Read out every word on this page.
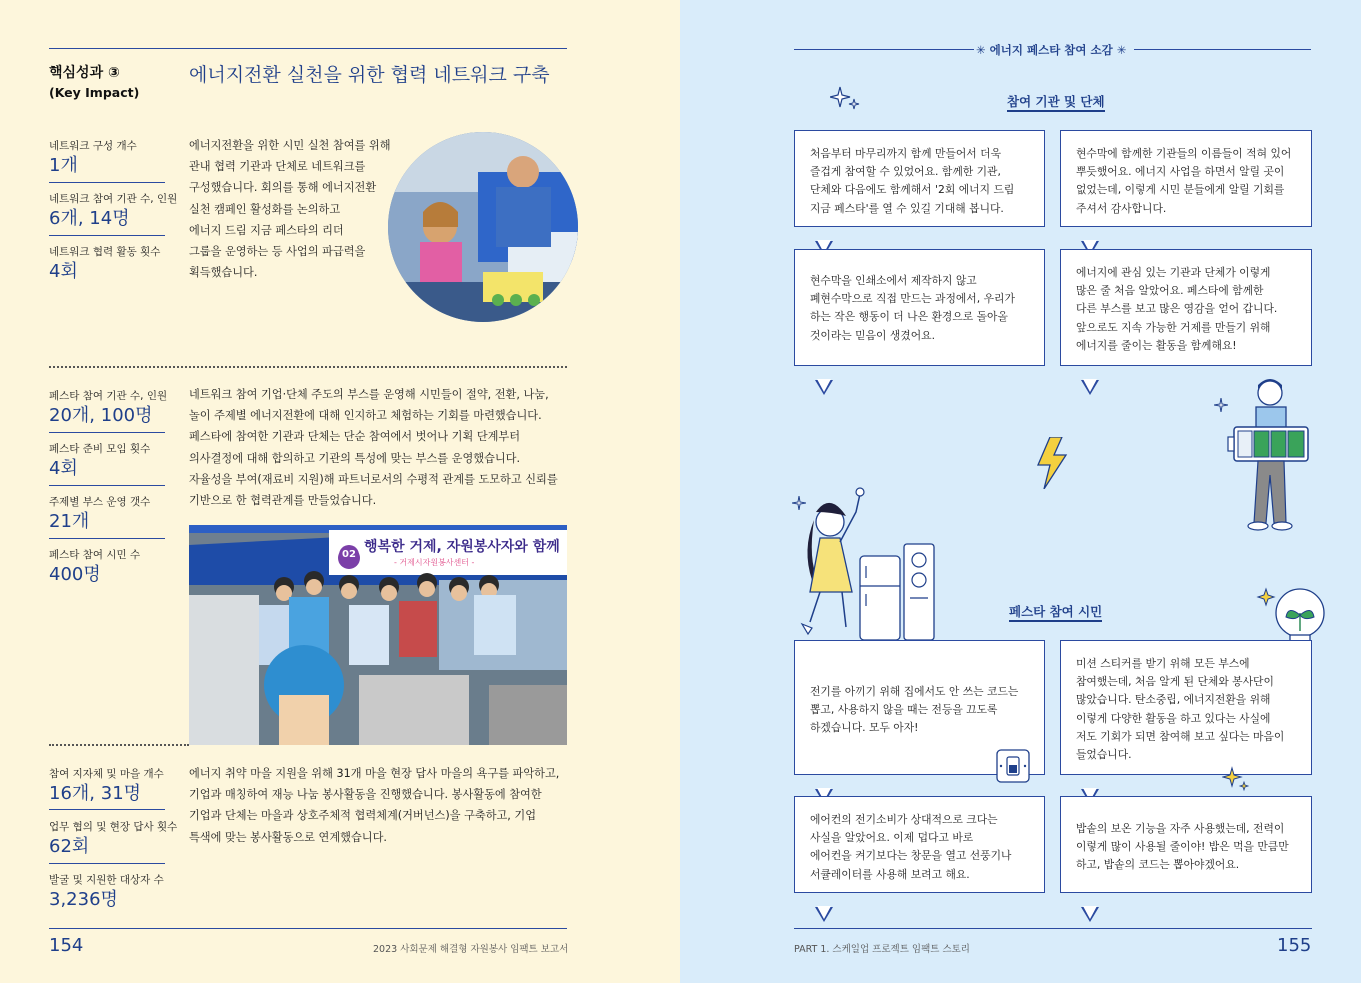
핵심성과 ③
(Key Impact)
에너지전환 실천을 위한 협력 네트워크 구축
네트워크 구성 개수
1개
네트워크 참여 기관 수, 인원
6개, 14명
네트워크 협력 활동 횟수
4회
에너지전환을 위한 시민 실천 참여를 위해
관내 협력 기관과 단체로 네트워크를
구성했습니다. 회의를 통해 에너지전환
실천 캠페인 활성화를 논의하고
에너지 드림 지금 페스타의 리더
그룹을 운영하는 등 사업의 파급력을
획득했습니다.
페스타 참여 기관 수, 인원
20개, 100명
페스타 준비 모임 횟수
4회
주제별 부스 운영 갯수
21개
페스타 참여 시민 수
400명
네트워크 참여 기업·단체 주도의 부스를 운영해 시민들이 절약, 전환, 나눔,
놀이 주제별 에너지전환에 대해 인지하고 체험하는 기회를 마련했습니다.
페스타에 참여한 기관과 단체는 단순 참여에서 벗어나 기획 단계부터
의사결정에 대해 합의하고 기관의 특성에 맞는 부스를 운영했습니다.
자율성을 부여(재료비 지원)해 파트너로서의 수평적 관계를 도모하고 신뢰를
기반으로 한 협력관계를 만들었습니다.
02 행복한 거제, 자원봉사자와 함께
- 거제시자원봉사센터 -
참여 지자체 및 마을 개수
16개, 31명
업무 협의 및 현장 답사 횟수
62회
발굴 및 지원한 대상자 수
3,236명
에너지 취약 마을 지원을 위해 31개 마을 현장 답사 마을의 욕구를 파악하고,
기업과 매칭하여 재능 나눔 봉사활동을 진행했습니다. 봉사활동에 참여한
기업과 단체는 마을과 상호주체적 협력체계(거버넌스)을 구축하고, 기업
특색에 맞는 봉사활동으로 연계했습니다.
154	2023 사회문제 해결형 자원봉사 임팩트 보고서
✳ 에너지 페스타 참여 소감 ✳
참여 기관 및 단체
처음부터 마무리까지 함께 만들어서 더욱
즐겁게 참여할 수 있었어요. 함께한 기관,
단체와 다음에도 함께해서 '2회 에너지 드림
지금 페스타'를 열 수 있길 기대해 봅니다.
현수막에 함께한 기관들의 이름들이 적혀 있어
뿌듯했어요. 에너지 사업을 하면서 알릴 곳이
없었는데, 이렇게 시민 분들에게 알릴 기회를
주셔서 감사합니다.
현수막을 인쇄소에서 제작하지 않고
폐현수막으로 직접 만드는 과정에서, 우리가
하는 작은 행동이 더 나은 환경으로 돌아올
것이라는 믿음이 생겼어요.
에너지에 관심 있는 기관과 단체가 이렇게
많은 줄 처음 알았어요. 페스타에 함께한
다른 부스를 보고 많은 영감을 얻어 갑니다.
앞으로도 지속 가능한 거제를 만들기 위해
에너지를 줄이는 활동을 함께해요!
페스타 참여 시민
전기를 아끼기 위해 집에서도 안 쓰는 코드는
뽑고, 사용하지 않을 때는 전등을 끄도록
하겠습니다. 모두 아자!
미션 스티커를 받기 위해 모든 부스에
참여했는데, 처음 알게 된 단체와 봉사단이
많았습니다. 탄소중립, 에너지전환을 위해
이렇게 다양한 활동을 하고 있다는 사실에
저도 기회가 되면 참여해 보고 싶다는 마음이
들었습니다.
에어컨의 전기소비가 상대적으로 크다는
사실을 알았어요. 이제 덥다고 바로
에어컨을 켜기보다는 창문을 열고 선풍기나
서큘레이터를 사용해 보려고 해요.
밥솥의 보온 기능을 자주 사용했는데, 전력이
이렇게 많이 사용될 줄이야! 밥은 먹을 만큼만
하고, 밥솥의 코드는 뽑아야겠어요.
PART 1. 스케일업 프로젝트 임팩트 스토리	155
